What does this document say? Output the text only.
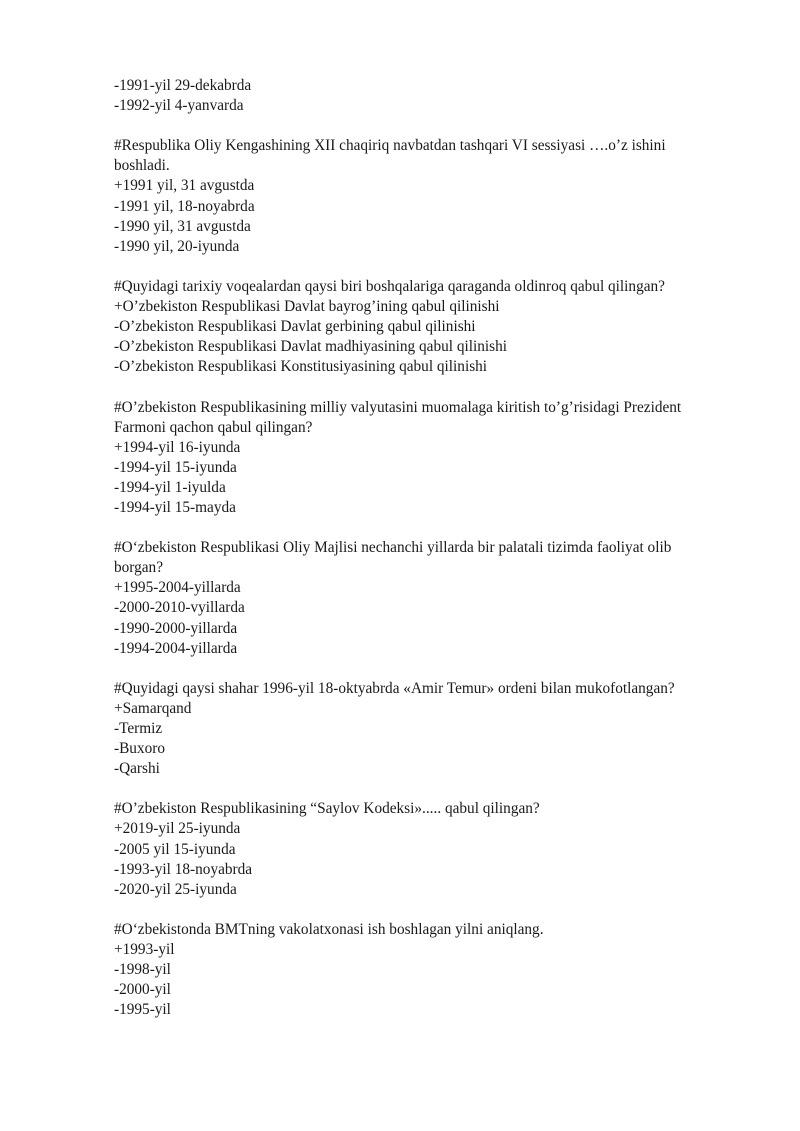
-1991-yil 29-dekabrda

-1992-yil 4-yanvarda

#Respublika Oliy Kengashining XII chaqiriq navbatdan tashqari VI sessiyasi ….o’z ishini boshladi.

+1991 yil, 31 avgustda

-1991 yil, 18-noyabrda

-1990 yil, 31 avgustda

-1990 yil, 20-iyunda

#Quyidagi tarixiy voqealardan qaysi biri boshqalariga qaraganda oldinroq qabul qilingan?

+O’zbekiston Respublikasi Davlat bayrog’ining qabul qilinishi

-O’zbekiston Respublikasi Davlat gerbining qabul qilinishi

-O’zbekiston Respublikasi Davlat madhiyasining qabul qilinishi

-O’zbekiston Respublikasi Konstitusiyasining qabul qilinishi

#O’zbekiston Respublikasining milliy valyutasini muomalaga kiritish to’g’risidagi Prezident Farmoni qachon qabul qilingan?

+1994-yil 16-iyunda

-1994-yil 15-iyunda

-1994-yil 1-iyulda

-1994-yil 15-mayda

#O‘zbekiston Respublikasi Oliy Majlisi nechanchi yillarda bir palatali tizimda faoliyat olib borgan?

+1995-2004-yillarda

-2000-2010-vyillarda

-1990-2000-yillarda

-1994-2004-yillarda

#Quyidagi qaysi shahar 1996-yil 18-oktyabrda «Amir Temur» ordeni bilan mukofotlangan?

+Samarqand

-Termiz

-Buxoro

-Qarshi

#O’zbekiston Respublikasining “Saylov Kodeksi»..... qabul qilingan?

+2019-yil 25-iyunda

-2005 yil 15-iyunda

-1993-yil 18-noyabrda

-2020-yil 25-iyunda

#O‘zbekistonda BMTning vakolatxonasi ish boshlagan yilni aniqlang.

+1993-yil

-1998-yil

-2000-yil

-1995-yil
